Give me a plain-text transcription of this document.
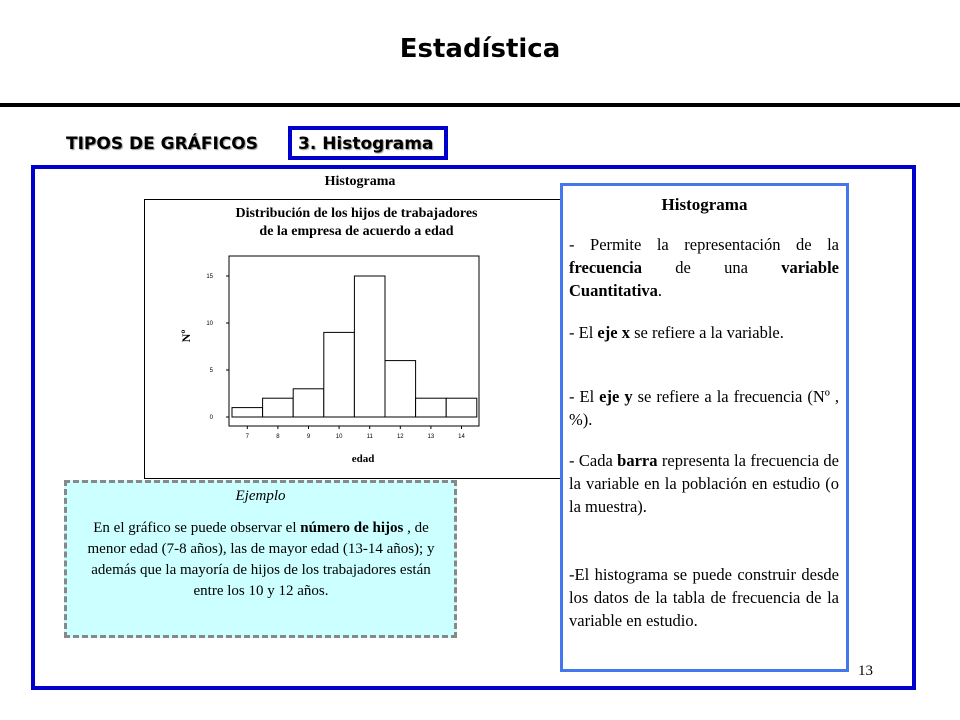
Estadística
TIPOS DE GRÁFICOS 3. Histograma
Histograma
Distribución de los hijos de trabajadores
de la empresa de acuerdo a edad
7	8	9	10	11	12	13	14
0
5
10
15
edad
Nº
Histograma

- Permite la representación de la frecuencia de una variable Cuantitativa.

- El eje x se refiere a la variable.

- El eje y se refiere a la frecuencia (Nº , %).

- Cada barra representa la frecuencia de la variable en la población en estudio (o la muestra).

-El histograma se puede construir desde los datos de la tabla de frecuencia de la variable en estudio.

Ejemplo
En el gráfico se puede observar el número de hijos , de menor edad (7-8 años), las de mayor edad (13-14 años); y además que la mayoría de hijos de los trabajadores están entre los 10 y 12 años.
13
